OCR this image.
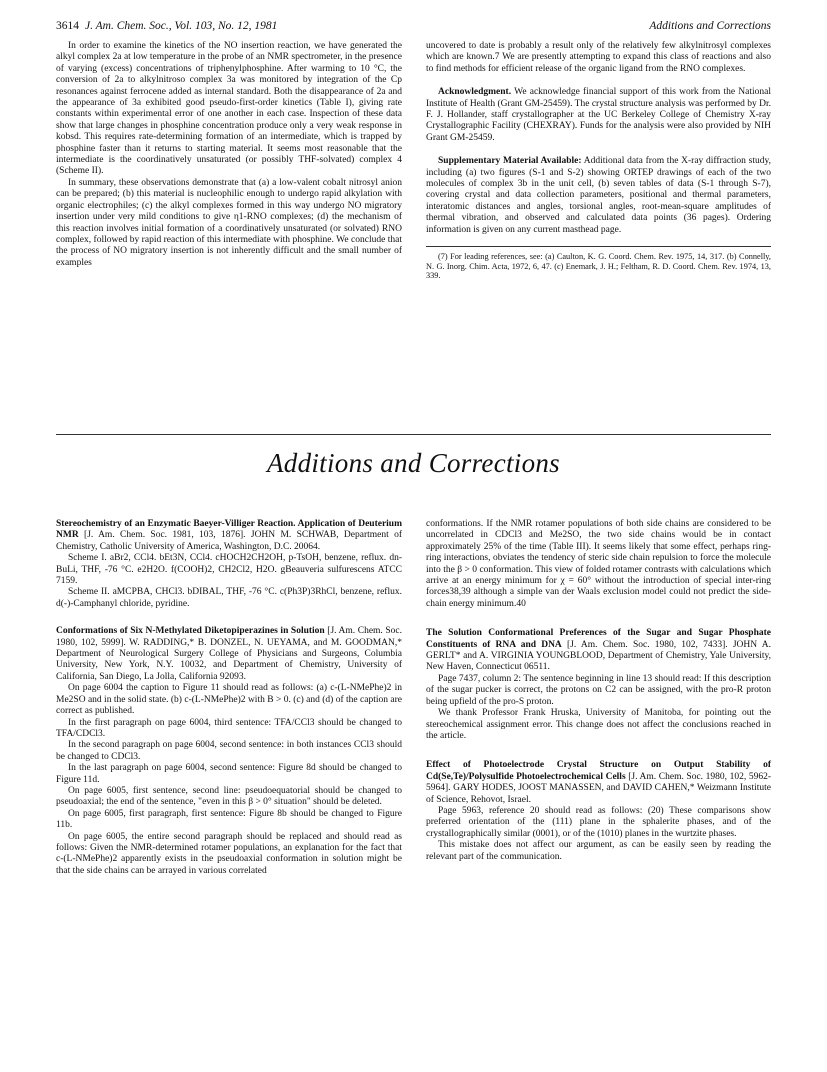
3614 J. Am. Chem. Soc., Vol. 103, No. 12, 1981	Additions and Corrections

In order to examine the kinetics of the NO insertion reaction, we have generated the alkyl complex 2a at low temperature in the probe of an NMR spectrometer, in the presence of varying (excess) concentrations of triphenylphosphine. After warming to 10 °C, the conversion of 2a to alkylnitroso complex 3a was monitored by integration of the Cp resonances against ferrocene added as internal standard. Both the disappearance of 2a and the appearance of 3a exhibited good pseudo-first-order kinetics (Table I), giving rate constants within experimental error of one another in each case. Inspection of these data show that large changes in phosphine concentration produce only a very weak response in kobsd. This requires rate-determining formation of an intermediate, which is trapped by phosphine faster than it returns to starting material. It seems most reasonable that the intermediate is the coordinatively unsaturated (or possibly THF-solvated) complex 4 (Scheme II).

In summary, these observations demonstrate that (a) a low-valent cobalt nitrosyl anion can be prepared; (b) this material is nucleophilic enough to undergo rapid alkylation with organic electrophiles; (c) the alkyl complexes formed in this way undergo NO migratory insertion under very mild conditions to give η1-RNO complexes; (d) the mechanism of this reaction involves initial formation of a coordinatively unsaturated (or solvated) RNO complex, followed by rapid reaction of this intermediate with phosphine. We conclude that the process of NO migratory insertion is not inherently difficult and the small number of examples

uncovered to date is probably a result only of the relatively few alkylnitrosyl complexes which are known.7 We are presently attempting to expand this class of reactions and also to find methods for efficient release of the organic ligand from the RNO complexes.

Acknowledgment. We acknowledge financial support of this work from the National Institute of Health (Grant GM-25459). The crystal structure analysis was performed by Dr. F. J. Hollander, staff crystallographer at the UC Berkeley College of Chemistry X-ray Crystallographic Facility (CHEXRAY). Funds for the analysis were also provided by NIH Grant GM-25459.

Supplementary Material Available: Additional data from the X-ray diffraction study, including (a) two figures (S-1 and S-2) showing ORTEP drawings of each of the two molecules of complex 3b in the unit cell, (b) seven tables of data (S-1 through S-7), covering crystal and data collection parameters, positional and thermal parameters, interatomic distances and angles, torsional angles, root-mean-square amplitudes of thermal vibration, and observed and calculated data points (36 pages). Ordering information is given on any current masthead page.

(7) For leading references, see: (a) Caulton, K. G. Coord. Chem. Rev. 1975, 14, 317. (b) Connelly, N. G. Inorg. Chim. Acta, 1972, 6, 47. (c) Enemark, J. H.; Feltham, R. D. Coord. Chem. Rev. 1974, 13, 339.

Additions and Corrections

Stereochemistry of an Enzymatic Baeyer-Villiger Reaction. Application of Deuterium NMR [J. Am. Chem. Soc. 1981, 103, 1876]. JOHN M. SCHWAB, Department of Chemistry, Catholic University of America, Washington, D.C. 20064.

Scheme I. aBr2, CCl4. bEt3N, CCl4. cHOCH2CH2OH, p-TsOH, benzene, reflux. dn-BuLi, THF, -76 °C. e2H2O. f(COOH)2, CH2Cl2, H2O. gBeauveria sulfurescens ATCC 7159.

Scheme II. aMCPBA, CHCl3. bDIBAL, THF, -76 °C. c(Ph3P)3RhCl, benzene, reflux. d(-)-Camphanyl chloride, pyridine.

Conformations of Six N-Methylated Diketopiperazines in Solution [J. Am. Chem. Soc. 1980, 102, 5999]. W. RADDING,* B. DONZEL, N. UEYAMA, and M. GOODMAN,* Department of Neurological Surgery College of Physicians and Surgeons, Columbia University, New York, N.Y. 10032, and Department of Chemistry, University of California, San Diego, La Jolla, California 92093.

On page 6004 the caption to Figure 11 should read as follows: (a) c-(L-NMePhe)2 in Me2SO and in the solid state. (b) c-(L-NMePhe)2 with B > 0. (c) and (d) of the caption are correct as published.

In the first paragraph on page 6004, third sentence: TFA/CCl3 should be changed to TFA/CDCl3.

In the second paragraph on page 6004, second sentence: in both instances CCl3 should be changed to CDCl3.

In the last paragraph on page 6004, second sentence: Figure 8d should be changed to Figure 11d.

On page 6005, first sentence, second line: pseudoequatorial should be changed to pseudoaxial; the end of the sentence, "even in this β > 0° situation" should be deleted.

On page 6005, first paragraph, first sentence: Figure 8b should be changed to Figure 11b.

On page 6005, the entire second paragraph should be replaced and should read as follows: Given the NMR-determined rotamer populations, an explanation for the fact that c-(L-NMePhe)2 apparently exists in the pseudoaxial conformation in solution might be that the side chains can be arrayed in various correlated

conformations. If the NMR rotamer populations of both side chains are considered to be uncorrelated in CDCl3 and Me2SO, the two side chains would be in contact approximately 25% of the time (Table III). It seems likely that some effect, perhaps ring-ring interactions, obviates the tendency of steric side chain repulsion to force the molecule into the β > 0 conformation. This view of folded rotamer contrasts with calculations which arrive at an energy minimum for χ = 60° without the introduction of special inter-ring forces38,39 although a simple van der Waals exclusion model could not predict the side-chain energy minimum.40

The Solution Conformational Preferences of the Sugar and Sugar Phosphate Constituents of RNA and DNA [J. Am. Chem. Soc. 1980, 102, 7433]. JOHN A. GERLT* and A. VIRGINIA YOUNGBLOOD, Department of Chemistry, Yale University, New Haven, Connecticut 06511.

Page 7437, column 2: The sentence beginning in line 13 should read: If this description of the sugar pucker is correct, the protons on C2 can be assigned, with the pro-R proton being upfield of the pro-S proton.

We thank Professor Frank Hruska, University of Manitoba, for pointing out the stereochemical assignment error. This change does not affect the conclusions reached in the article.

Effect of Photoelectrode Crystal Structure on Output Stability of Cd(Se,Te)/Polysulfide Photoelectrochemical Cells [J. Am. Chem. Soc. 1980, 102, 5962-5964]. GARY HODES, JOOST MANASSEN, and DAVID CAHEN,* Weizmann Institute of Science, Rehovot, Israel.

Page 5963, reference 20 should read as follows: (20) These comparisons show preferred orientation of the (111) plane in the sphalerite phases, and of the crystallographically similar (0001), or of the (1010) planes in the wurtzite phases.

This mistake does not affect our argument, as can be easily seen by reading the relevant part of the communication.
